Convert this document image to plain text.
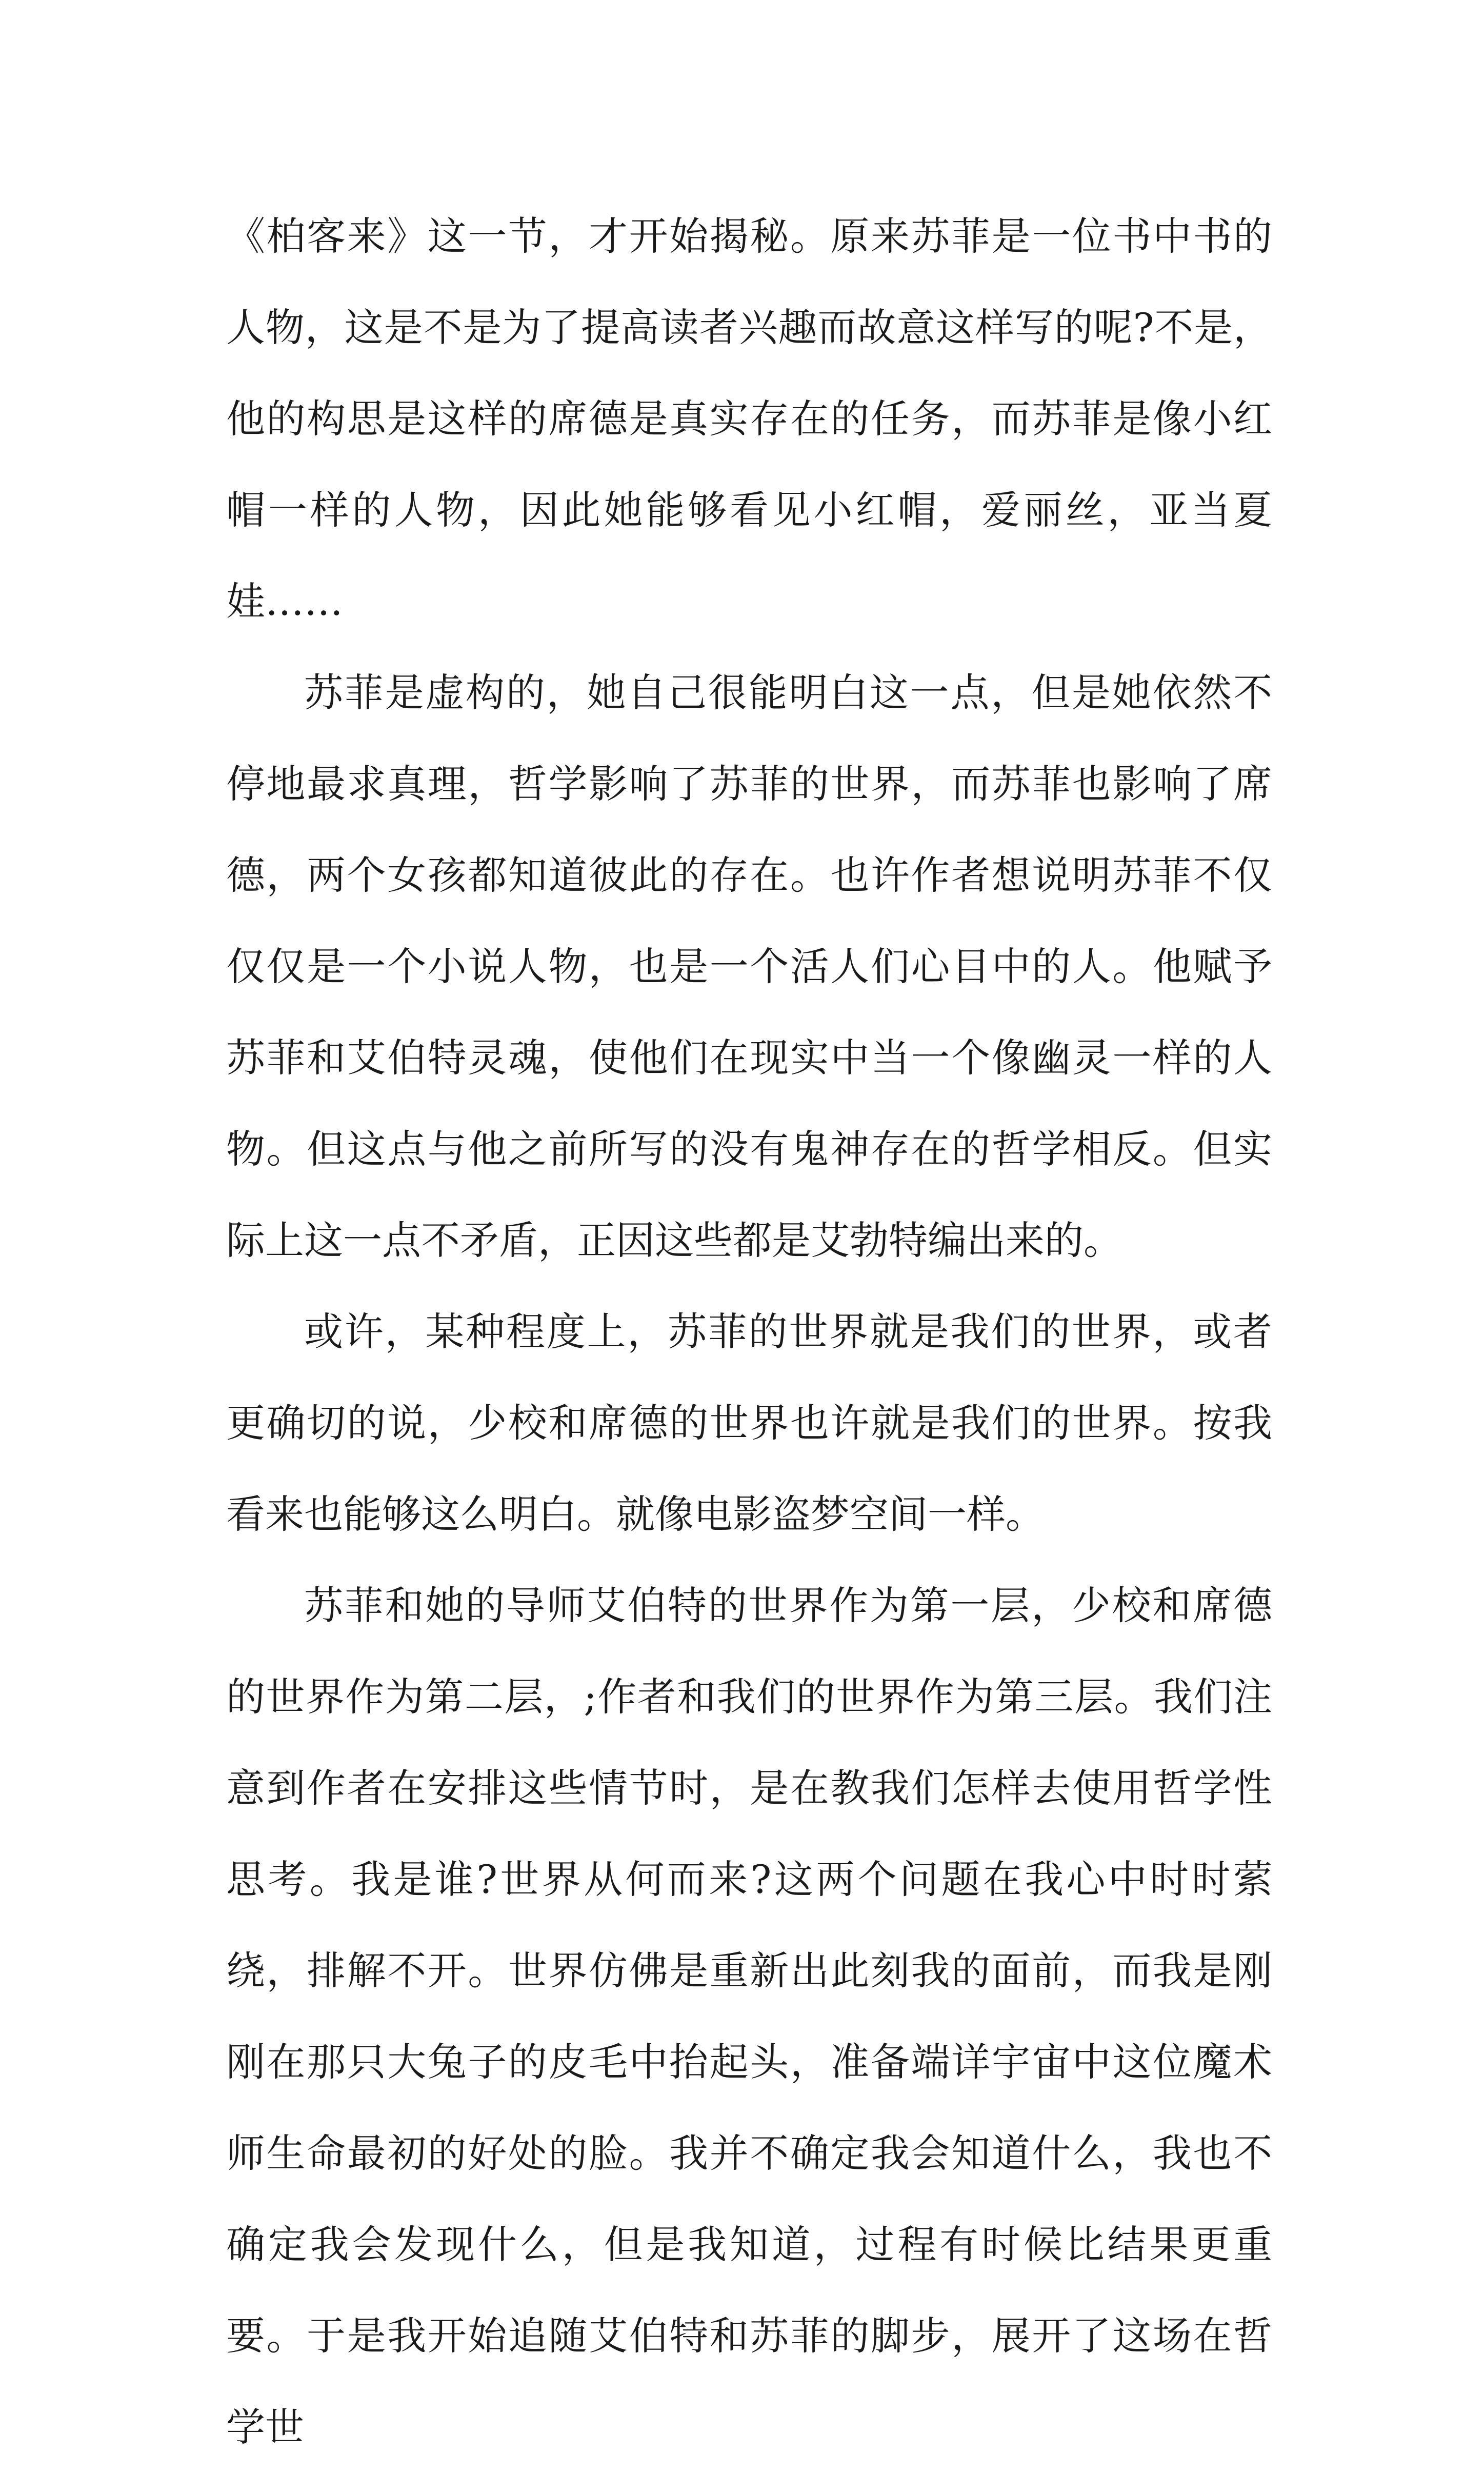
《柏客来》这一节，才开始揭秘。原来苏菲是一位书中书的人物，这是不是为了提高读者兴趣而故意这样写的呢?不是，他的构思是这样的席德是真实存在的任务，而苏菲是像小红帽一样的人物，因此她能够看见小红帽，爱丽丝，亚当夏娃……

苏菲是虚构的，她自己很能明白这一点，但是她依然不停地最求真理，哲学影响了苏菲的世界，而苏菲也影响了席德，两个女孩都知道彼此的存在。也许作者想说明苏菲不仅仅仅是一个小说人物，也是一个活人们心目中的人。他赋予苏菲和艾伯特灵魂，使他们在现实中当一个像幽灵一样的人物。但这点与他之前所写的没有鬼神存在的哲学相反。但实际上这一点不矛盾，正因这些都是艾勃特编出来的。

或许，某种程度上，苏菲的世界就是我们的世界，或者更确切的说，少校和席德的世界也许就是我们的世界。按我看来也能够这么明白。就像电影盗梦空间一样。

苏菲和她的导师艾伯特的世界作为第一层，少校和席德的世界作为第二层，;作者和我们的世界作为第三层。我们注意到作者在安排这些情节时，是在教我们怎样去使用哲学性思考。我是谁?世界从何而来?这两个问题在我心中时时萦绕，排解不开。世界仿佛是重新出此刻我的面前，而我是刚刚在那只大兔子的皮毛中抬起头，准备端详宇宙中这位魔术师生命最初的好处的脸。我并不确定我会知道什么，我也不确定我会发现什么，但是我知道，过程有时候比结果更重要。于是我开始追随艾伯特和苏菲的脚步，展开了这场在哲学世
